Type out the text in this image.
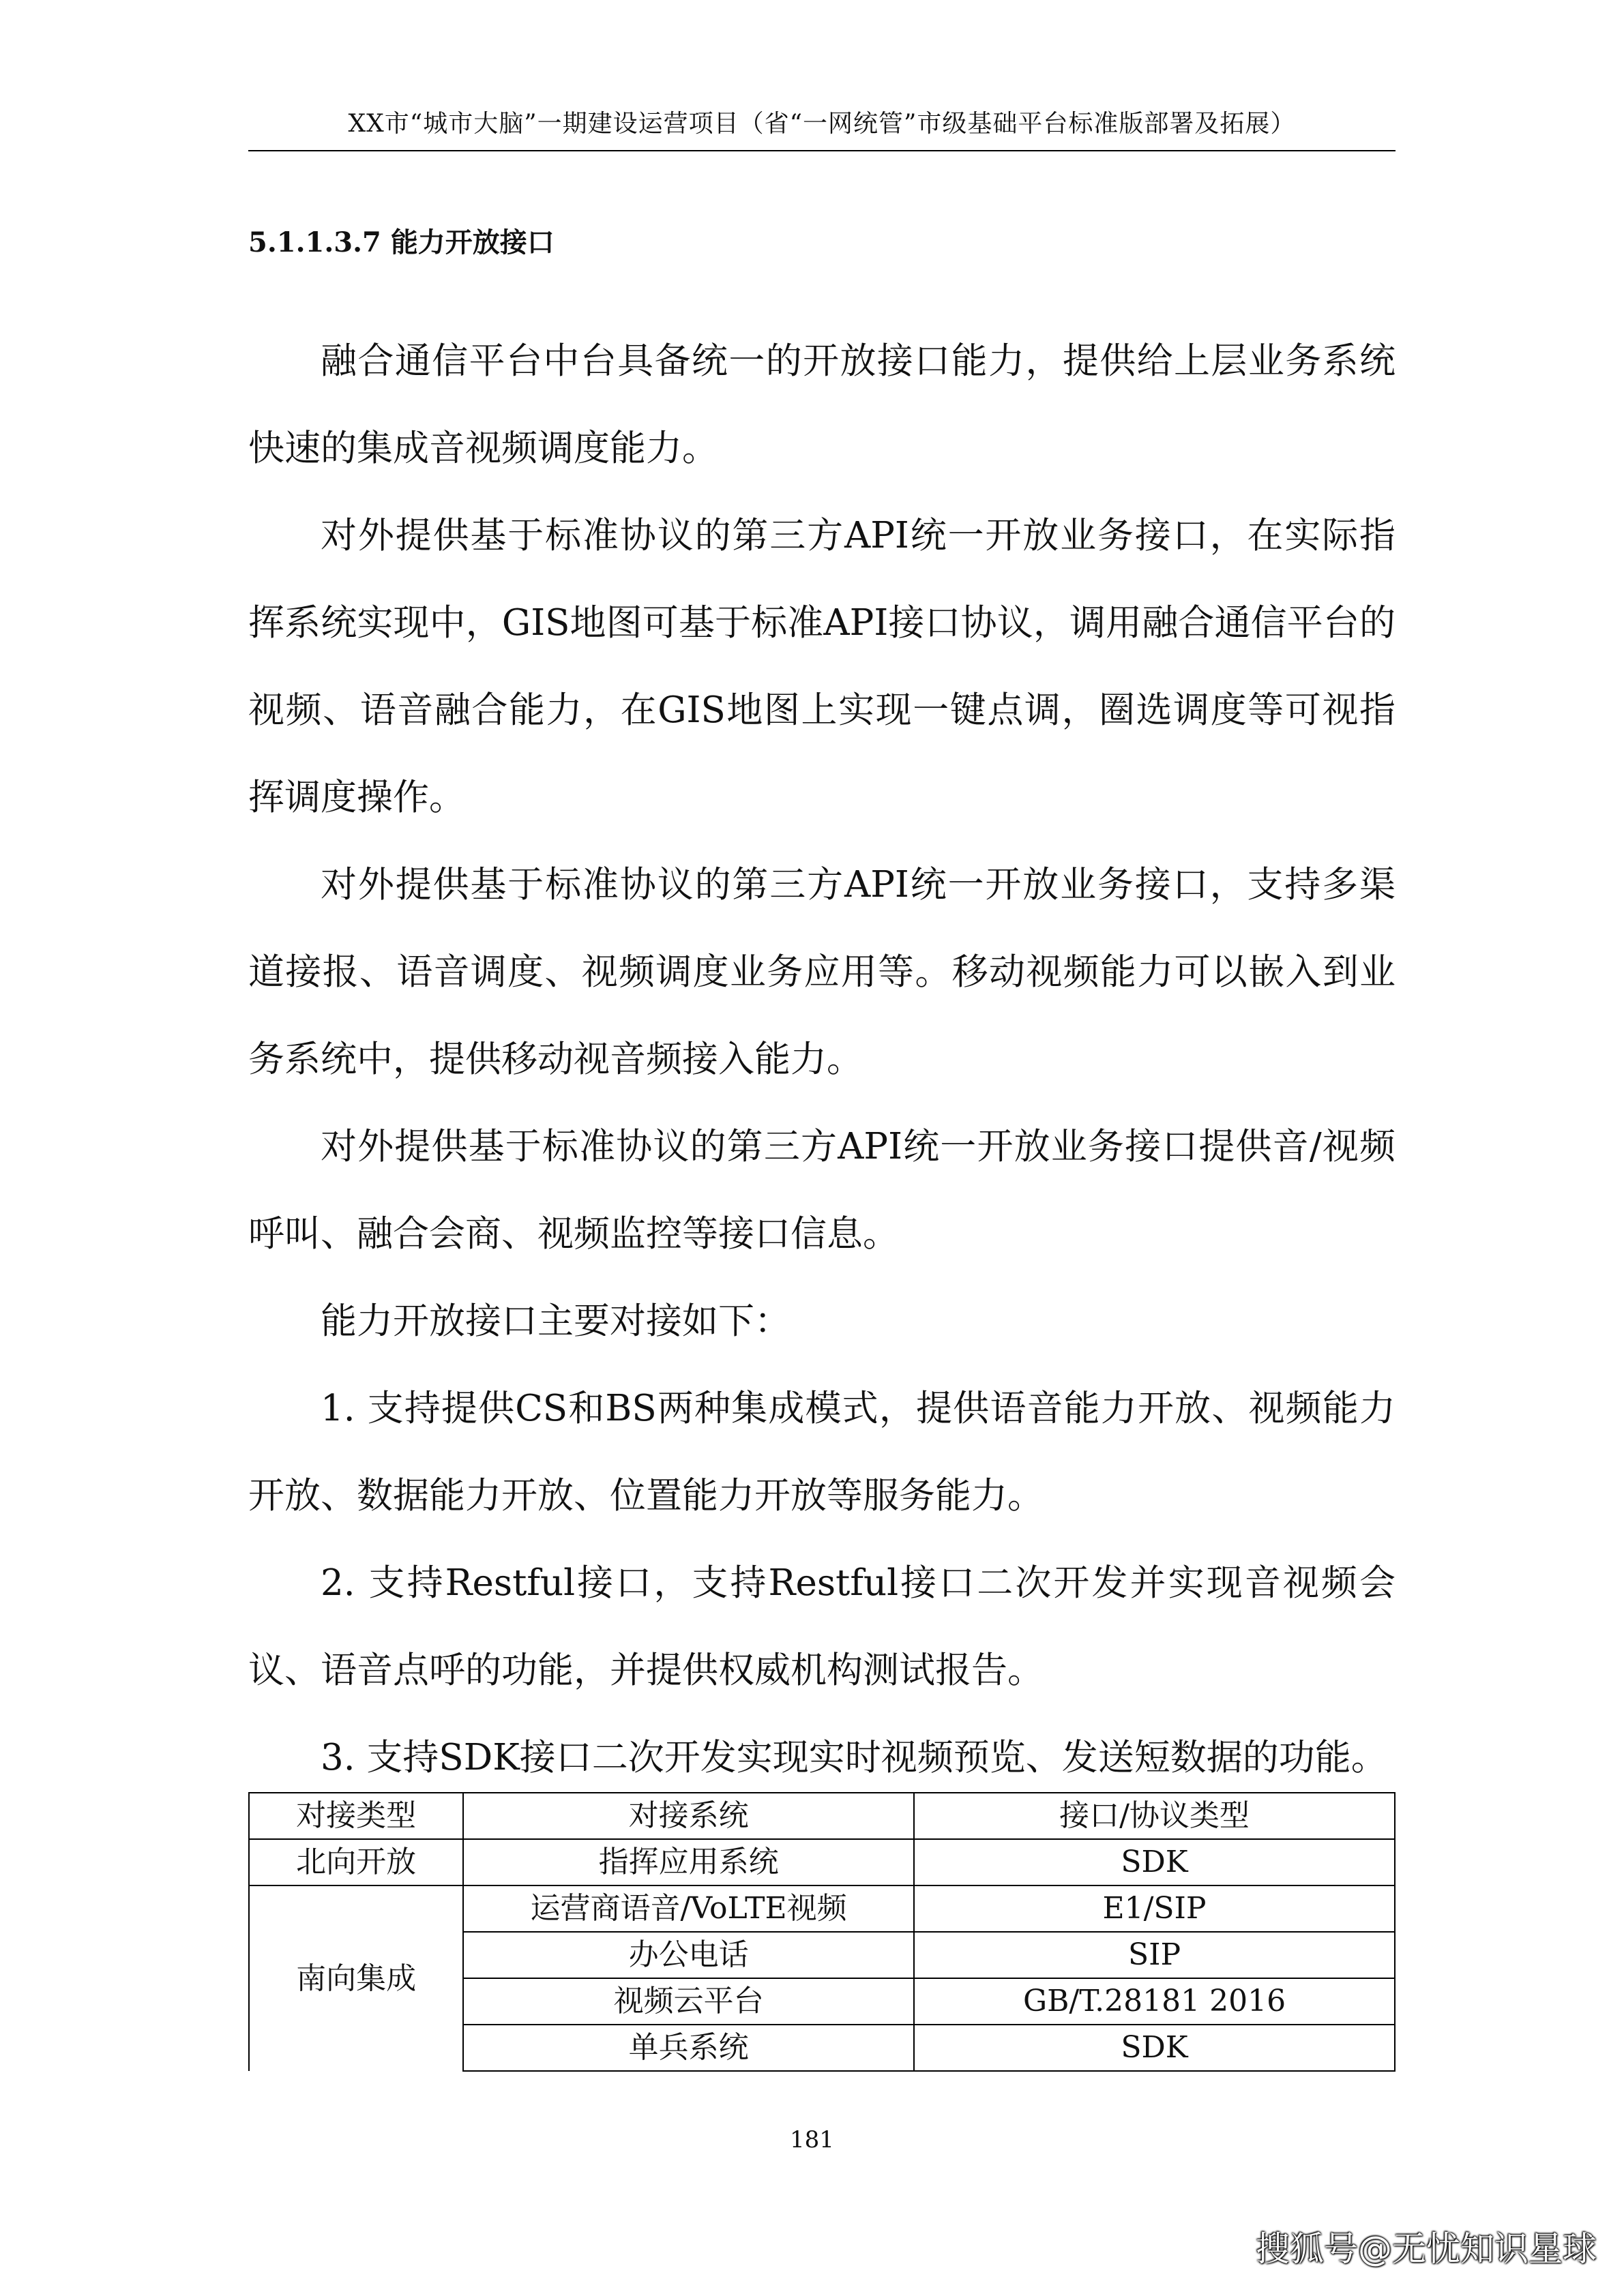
XX市“城市大脑”一期建设运营项目（省“一网统管”市级基础平台标准版部署及拓展）
5.1.1.3.7 能力开放接口

融合通信平台中台具备统一的开放接口能力，提供给上层业务系统快速的集成音视频调度能力。

对外提供基于标准协议的第三方API统一开放业务接口，在实际指挥系统实现中，GIS地图可基于标准API接口协议，调用融合通信平台的视频、语音融合能力，在GIS地图上实现一键点调，圈选调度等可视指挥调度操作。

对外提供基于标准协议的第三方API统一开放业务接口，支持多渠道接报、语音调度、视频调度业务应用等。移动视频能力可以嵌入到业务系统中，提供移动视音频接入能力。

对外提供基于标准协议的第三方API统一开放业务接口提供音/视频呼叫、融合会商、视频监控等接口信息。

能力开放接口主要对接如下：

1. 支持提供CS和BS两种集成模式，提供语音能力开放、视频能力开放、数据能力开放、位置能力开放等服务能力。

2. 支持Restful接口，支持Restful接口二次开发并实现音视频会议、语音点呼的功能，并提供权威机构测试报告。

3. 支持SDK接口二次开发实现实时视频预览、发送短数据的功能。

对接类型	对接系统	接口/协议类型
北向开放	指挥应用系统	SDK
南向集成	运营商语音/VoLTE视频	E1/SIP
	办公电话	SIP
	视频云平台	GB/T.28181 2016
	单兵系统	SDK
181
搜狐号@无忧知识星球
